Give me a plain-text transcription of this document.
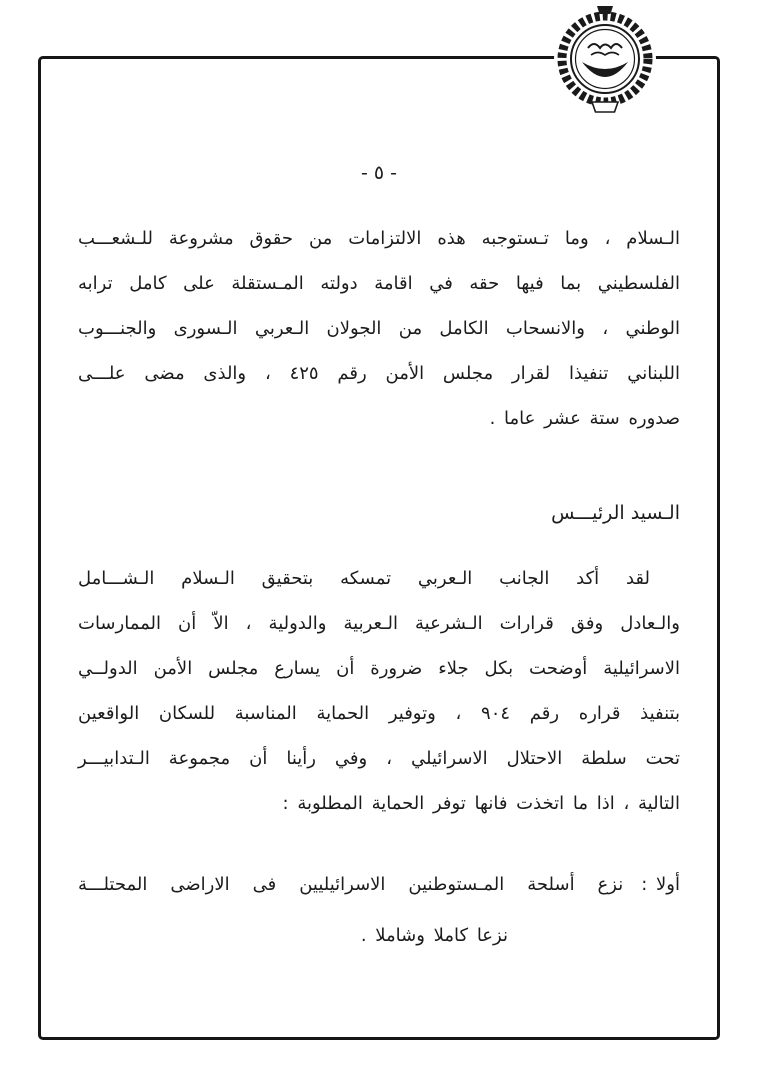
- ٥ -
الـسلام ، وما تـستوجبه هذه الالتزامات من حقوق مشروعة للـشعـــب
الفلسطيني بما فيها حقه في اقامة دولته المـستقلة على كامل ترابه
الوطني ، والانسحاب الكامل من الجولان الـعربي الـسورى والجنـــوب
اللبناني تنفيذا لقرار مجلس الأمن رقم ٤٢٥ ، والذى مضى علـــى
صدوره ستة عشر عاما .
الـسيد الرئيـــس
لقد أكد الجانب الـعربي تمسكه بتحقيق الـسلام الـشـــامل
والـعادل وفق قرارات الـشرعية الـعربية والدولية ، الاّ أن الممارسات
الاسرائيلية أوضحت بكل جلاء ضرورة أن يسارع مجلس الأمن الدولــي
بتنفيذ قراره رقم ٩٠٤ ، وتوفير الحماية المناسبة للسكان الواقعين
تحت سلطة الاحتلال الاسرائيلي ، وفي رأينا أن مجموعة الـتدابيـــر
التالية ، اذا ما اتخذت فانها توفر الحماية المطلوبة :
أولا :
نزع أسلحة المـستوطنين الاسرائيليين فى الاراضى المحتلـــة
نزعا كاملا وشاملا .
